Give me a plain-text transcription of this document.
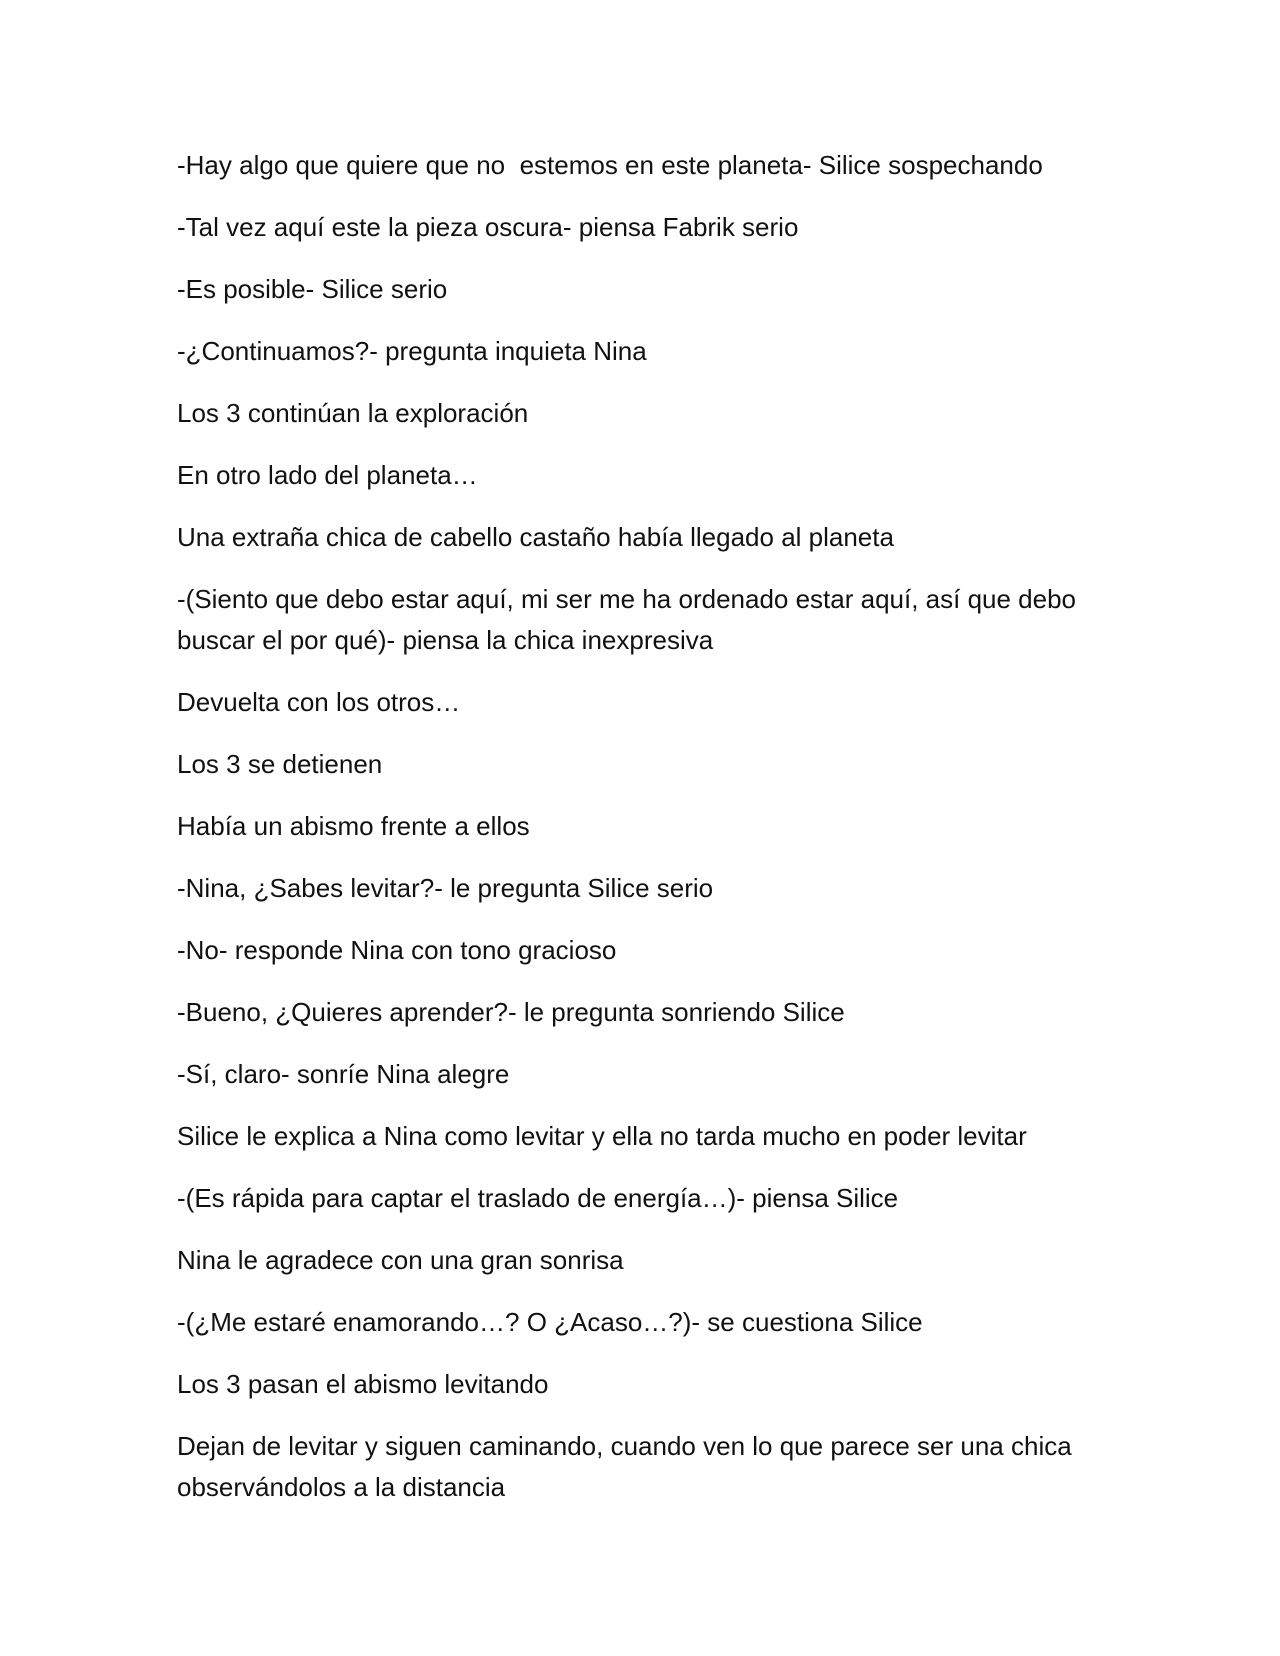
-Hay algo que quiere que no  estemos en este planeta- Silice sospechando

-Tal vez aquí este la pieza oscura- piensa Fabrik serio

-Es posible- Silice serio

-¿Continuamos?- pregunta inquieta Nina

Los 3 continúan la exploración

En otro lado del planeta…

Una extraña chica de cabello castaño había llegado al planeta

-(Siento que debo estar aquí, mi ser me ha ordenado estar aquí, así que debo buscar el por qué)- piensa la chica inexpresiva

Devuelta con los otros…

Los 3 se detienen

Había un abismo frente a ellos

-Nina, ¿Sabes levitar?- le pregunta Silice serio

-No- responde Nina con tono gracioso

-Bueno, ¿Quieres aprender?- le pregunta sonriendo Silice

-Sí, claro- sonríe Nina alegre

Silice le explica a Nina como levitar y ella no tarda mucho en poder levitar

-(Es rápida para captar el traslado de energía…)- piensa Silice

Nina le agradece con una gran sonrisa

-(¿Me estaré enamorando…? O ¿Acaso…?)- se cuestiona Silice

Los 3 pasan el abismo levitando

Dejan de levitar y siguen caminando, cuando ven lo que parece ser una chica observándolos a la distancia
